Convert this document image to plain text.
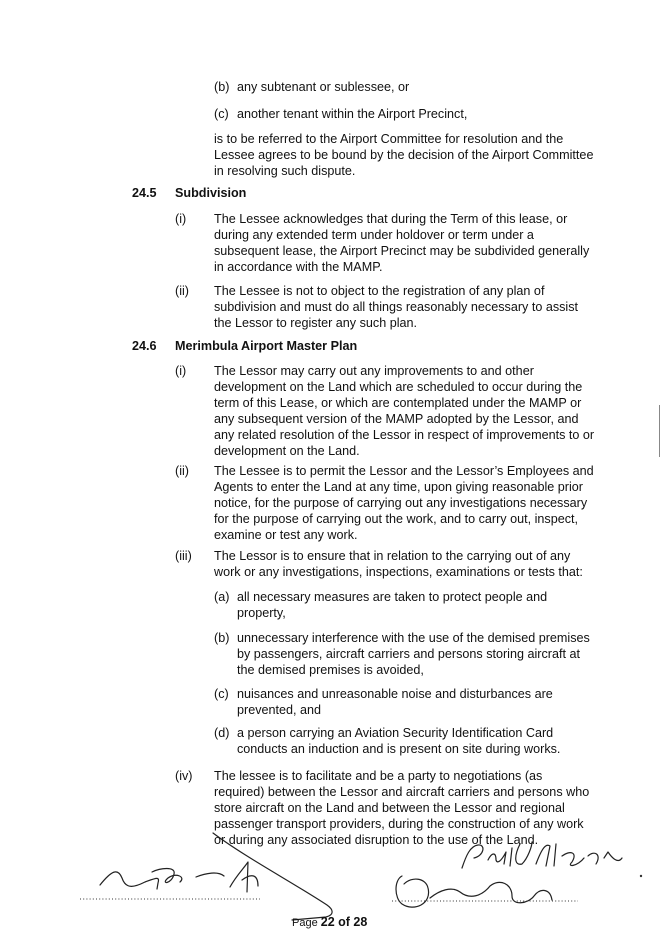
(b) any subtenant or sublessee, or
(c) another tenant within the Airport Precinct,
is to be referred to the Airport Committee for resolution and the
Lessee agrees to be bound by the decision of the Airport Committee
in resolving such dispute.
24.5 Subdivision
(i) The Lessee acknowledges that during the Term of this lease, or
during any extended term under holdover or term under a
subsequent lease, the Airport Precinct may be subdivided generally
in accordance with the MAMP.
(ii) The Lessee is not to object to the registration of any plan of
subdivision and must do all things reasonably necessary to assist
the Lessor to register any such plan.
24.6 Merimbula Airport Master Plan
(i) The Lessor may carry out any improvements to and other
development on the Land which are scheduled to occur during the
term of this Lease, or which are contemplated under the MAMP or
any subsequent version of the MAMP adopted by the Lessor, and
any related resolution of the Lessor in respect of improvements to or
development on the Land.
(ii) The Lessee is to permit the Lessor and the Lessor’s Employees and
Agents to enter the Land at any time, upon giving reasonable prior
notice, for the purpose of carrying out any investigations necessary
for the purpose of carrying out the work, and to carry out, inspect,
examine or test any work.
(iii) The Lessor is to ensure that in relation to the carrying out of any
work or any investigations, inspections, examinations or tests that:
(a) all necessary measures are taken to protect people and
property,
(b) unnecessary interference with the use of the demised premises
by passengers, aircraft carriers and persons storing aircraft at
the demised premises is avoided,
(c) nuisances and unreasonable noise and disturbances are
prevented, and
(d) a person carrying an Aviation Security Identification Card
conducts an induction and is present on site during works.
(iv) The lessee is to facilitate and be a party to negotiations (as
required) between the Lessor and aircraft carriers and persons who
store aircraft on the Land and between the Lessor and regional
passenger transport providers, during the construction of any work
or during any associated disruption to the use of the Land.
Page 22 of 28
